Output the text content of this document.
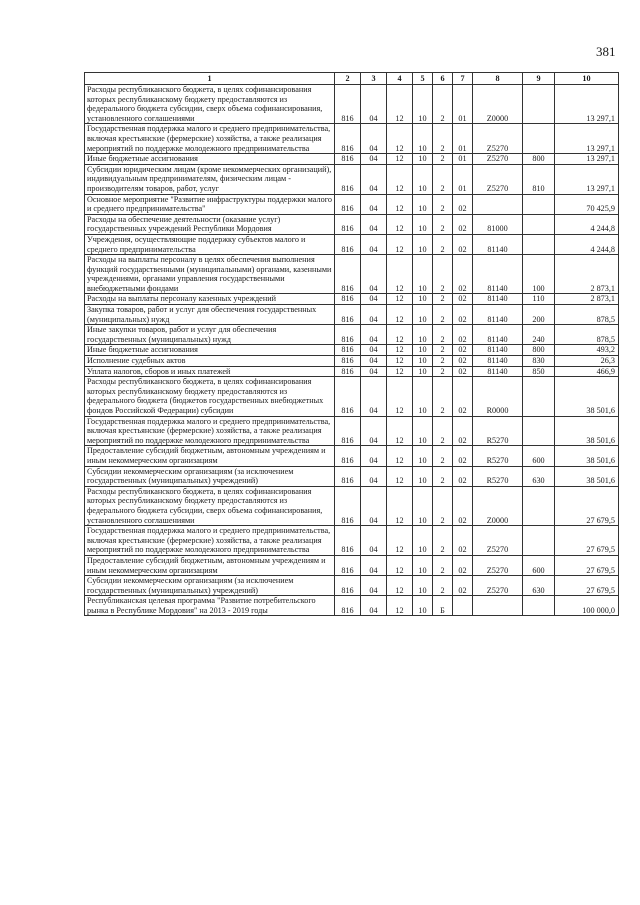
381
1	2	3	4	5	6	7	8	9	10
Расходы республиканского бюджета, в целях софинансирования которых республиканскому бюджету предоставляются из федерального бюджета субсидии, сверх объема софинансирования, установленного соглашениями	816	04	12	10	2	01	Z0000		13 297,1
Государственная поддержка малого и среднего предпринимательства, включая крестьянские (фермерские) хозяйства, а также реализация мероприятий по поддержке молодежного предпринимательства	816	04	12	10	2	01	Z5270		13 297,1
Иные бюджетные ассигнования	816	04	12	10	2	01	Z5270	800	13 297,1
Субсидии юридическим лицам (кроме некоммерческих организаций), индивидуальным предпринимателям, физическим лицам - производителям товаров, работ, услуг	816	04	12	10	2	01	Z5270	810	13 297,1
Основное мероприятие "Развитие инфраструктуры поддержки малого и среднего предпринимательства"	816	04	12	10	2	02			70 425,9
Расходы на обеспечение деятельности (оказание услуг) государственных учреждений Республики Мордовия	816	04	12	10	2	02	81000		4 244,8
Учреждения, осуществляющие поддержку субъектов малого и среднего предпринимательства	816	04	12	10	2	02	81140		4 244,8
Расходы на выплаты персоналу в целях обеспечения выполнения функций государственными (муниципальными) органами, казенными учреждениями, органами управления государственными внебюджетными фондами	816	04	12	10	2	02	81140	100	2 873,1
Расходы на выплаты персоналу казенных учреждений	816	04	12	10	2	02	81140	110	2 873,1
Закупка товаров, работ и услуг для обеспечения государственных (муниципальных) нужд	816	04	12	10	2	02	81140	200	878,5
Иные закупки товаров, работ и услуг для обеспечения государственных (муниципальных) нужд	816	04	12	10	2	02	81140	240	878,5
Иные бюджетные ассигнования	816	04	12	10	2	02	81140	800	493,2
Исполнение судебных актов	816	04	12	10	2	02	81140	830	26,3
Уплата налогов, сборов и иных платежей	816	04	12	10	2	02	81140	850	466,9
Расходы республиканского бюджета, в целях софинансирования которых республиканскому бюджету предоставляются из федерального бюджета (бюджетов государственных внебюджетных фондов Российской Федерации) субсидии	816	04	12	10	2	02	R0000		38 501,6
Государственная поддержка малого и среднего предпринимательства, включая крестьянские (фермерские) хозяйства, а также реализация мероприятий по поддержке молодежного предпринимательства	816	04	12	10	2	02	R5270		38 501,6
Предоставление субсидий бюджетным, автономным учреждениям и иным некоммерческим организациям	816	04	12	10	2	02	R5270	600	38 501,6
Субсидии некоммерческим организациям (за исключением государственных (муниципальных) учреждений)	816	04	12	10	2	02	R5270	630	38 501,6
Расходы республиканского бюджета, в целях софинансирования которых республиканскому бюджету предоставляются из федерального бюджета субсидии, сверх объема софинансирования, установленного соглашениями	816	04	12	10	2	02	Z0000		27 679,5
Государственная поддержка малого и среднего предпринимательства, включая крестьянские (фермерские) хозяйства, а также реализация мероприятий по поддержке молодежного предпринимательства	816	04	12	10	2	02	Z5270		27 679,5
Предоставление субсидий бюджетным, автономным учреждениям и иным некоммерческим организациям	816	04	12	10	2	02	Z5270	600	27 679,5
Субсидии некоммерческим организациям (за исключением государственных (муниципальных) учреждений)	816	04	12	10	2	02	Z5270	630	27 679,5
Республиканская целевая программа "Развитие потребительского рынка в Республике Мордовия" на 2013 - 2019 годы	816	04	12	10	Б				100 000,0
